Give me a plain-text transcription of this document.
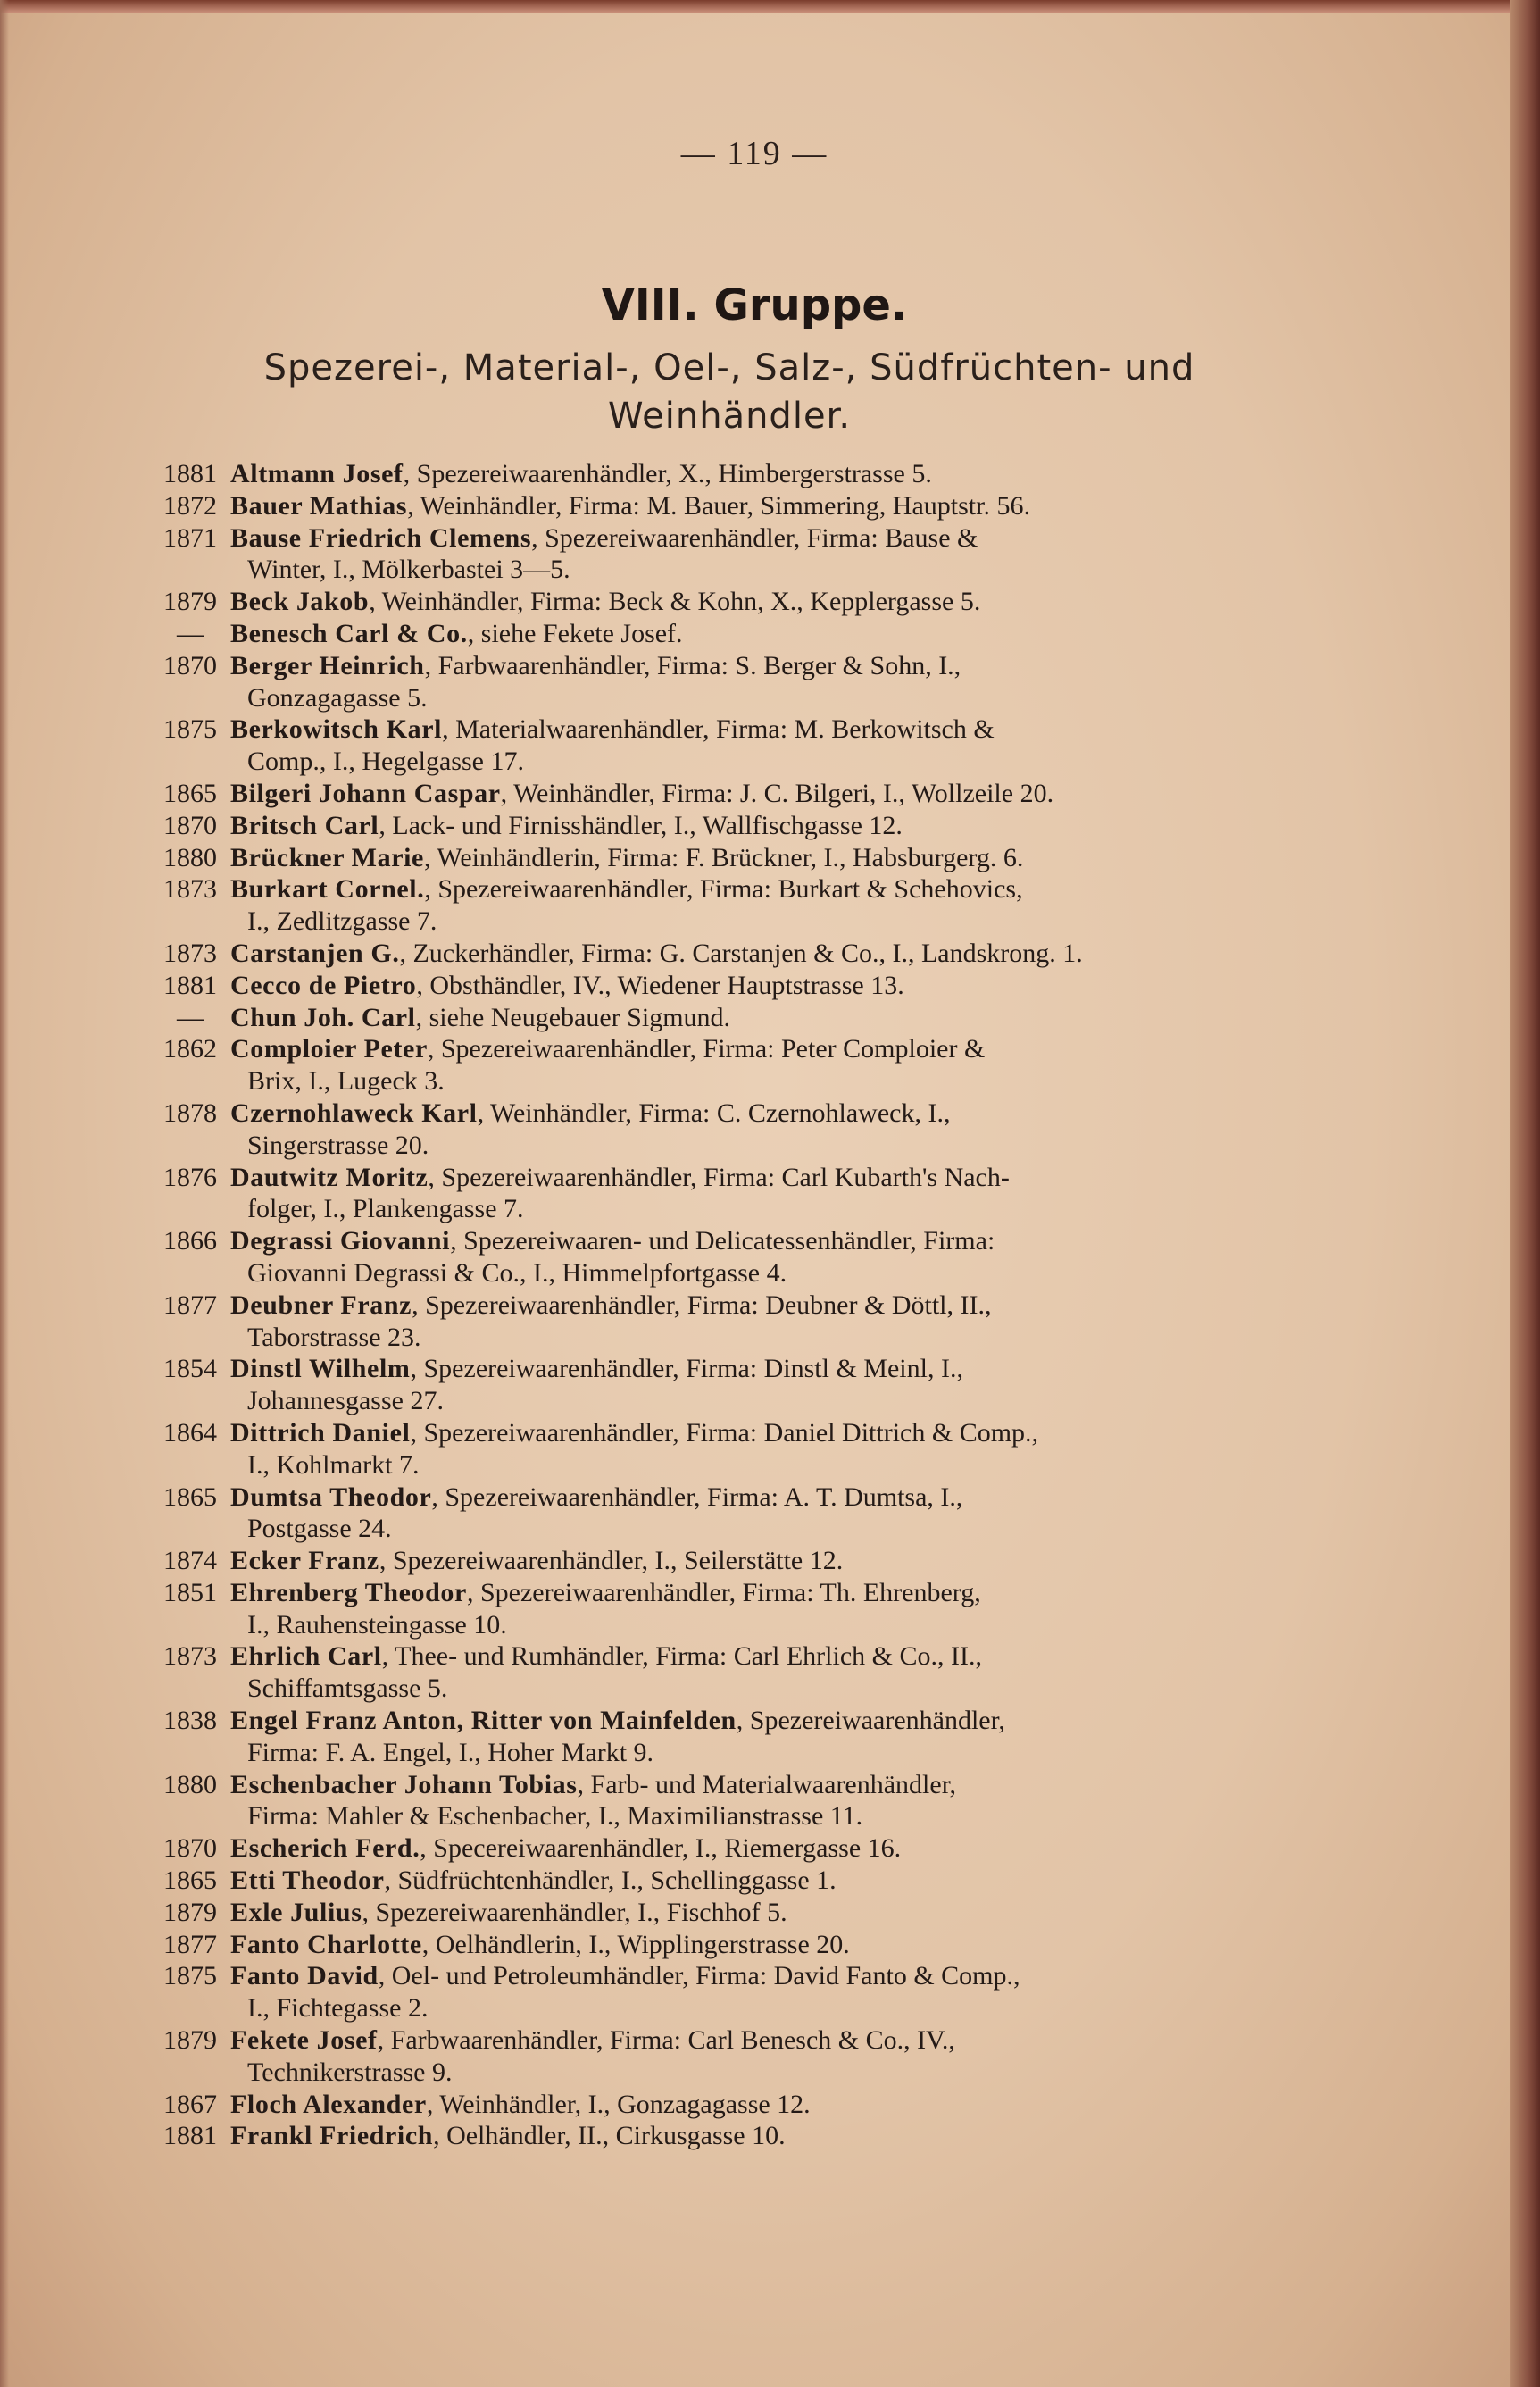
— 119 —
VIII. Gruppe.
Spezerei-, Material-, Oel-, Salz-, Südfrüchten- und Weinhändler.
1881 Altmann Josef, Spezereiwaarenhändler, X., Himbergerstrasse 5.
1872 Bauer Mathias, Weinhändler, Firma: M. Bauer, Simmering, Hauptstr. 56.
1871 Bause Friedrich Clemens, Spezereiwaarenhändler, Firma: Bause &
Winter, I., Mölkerbastei 3—5.
1879 Beck Jakob, Weinhändler, Firma: Beck & Kohn, X., Kepplergasse 5.
—	Benesch Carl & Co., siehe Fekete Josef.
1870 Berger Heinrich, Farbwaarenhändler, Firma: S. Berger & Sohn, I.,
Gonzagagasse 5.
1875 Berkowitsch Karl, Materialwaarenhändler, Firma: M. Berkowitsch &
Comp., I., Hegelgasse 17.
1865 Bilgeri Johann Caspar, Weinhändler, Firma: J. C. Bilgeri, I., Wollzeile 20.
1870 Britsch Carl, Lack- und Firnisshändler, I., Wallfischgasse 12.
1880 Brückner Marie, Weinhändlerin, Firma: F. Brückner, I., Habsburgerg. 6.
1873 Burkart Cornel., Spezereiwaarenhändler, Firma: Burkart & Schehovics,
I., Zedlitzgasse 7.
1873 Carstanjen G., Zuckerhändler, Firma: G. Carstanjen & Co., I., Landskrong. 1.
1881 Cecco de Pietro, Obsthändler, IV., Wiedener Hauptstrasse 13.
—	Chun Joh. Carl, siehe Neugebauer Sigmund.
1862 Comploier Peter, Spezereiwaarenhändler, Firma: Peter Comploier &
Brix, I., Lugeck 3.
1878 Czernohlaweck Karl, Weinhändler, Firma: C. Czernohlaweck, I.,
Singerstrasse 20.
1876 Dautwitz Moritz, Spezereiwaarenhändler, Firma: Carl Kubarth's Nach-
folger, I., Plankengasse 7.
1866 Degrassi Giovanni, Spezereiwaaren- und Delicatessenhändler, Firma:
Giovanni Degrassi & Co., I., Himmelpfortgasse 4.
1877 Deubner Franz, Spezereiwaarenhändler, Firma: Deubner & Döttl, II.,
Taborstrasse 23.
1854 Dinstl Wilhelm, Spezereiwaarenhändler, Firma: Dinstl & Meinl, I.,
Johannesgasse 27.
1864 Dittrich Daniel, Spezereiwaarenhändler, Firma: Daniel Dittrich & Comp.,
I., Kohlmarkt 7.
1865 Dumtsa Theodor, Spezereiwaarenhändler, Firma: A. T. Dumtsa, I.,
Postgasse 24.
1874 Ecker Franz, Spezereiwaarenhändler, I., Seilerstätte 12.
1851 Ehrenberg Theodor, Spezereiwaarenhändler, Firma: Th. Ehrenberg,
I., Rauhensteingasse 10.
1873 Ehrlich Carl, Thee- und Rumhändler, Firma: Carl Ehrlich & Co., II.,
Schiffamtsgasse 5.
1838 Engel Franz Anton, Ritter von Mainfelden, Spezereiwaarenhändler,
Firma: F. A. Engel, I., Hoher Markt 9.
1880 Eschenbacher Johann Tobias, Farb- und Materialwaarenhändler,
Firma: Mahler & Eschenbacher, I., Maximilianstrasse 11.
1870 Escherich Ferd., Specereiwaarenhändler, I., Riemergasse 16.
1865 Etti Theodor, Südfrüchtenhändler, I., Schellinggasse 1.
1879 Exle Julius, Spezereiwaarenhändler, I., Fischhof 5.
1877 Fanto Charlotte, Oelhändlerin, I., Wipplingerstrasse 20.
1875 Fanto David, Oel- und Petroleumhändler, Firma: David Fanto & Comp.,
I., Fichtegasse 2.
1879 Fekete Josef, Farbwaarenhändler, Firma: Carl Benesch & Co., IV.,
Technikerstrasse 9.
1867 Floch Alexander, Weinhändler, I., Gonzagagasse 12.
1881 Frankl Friedrich, Oelhändler, II., Cirkusgasse 10.
